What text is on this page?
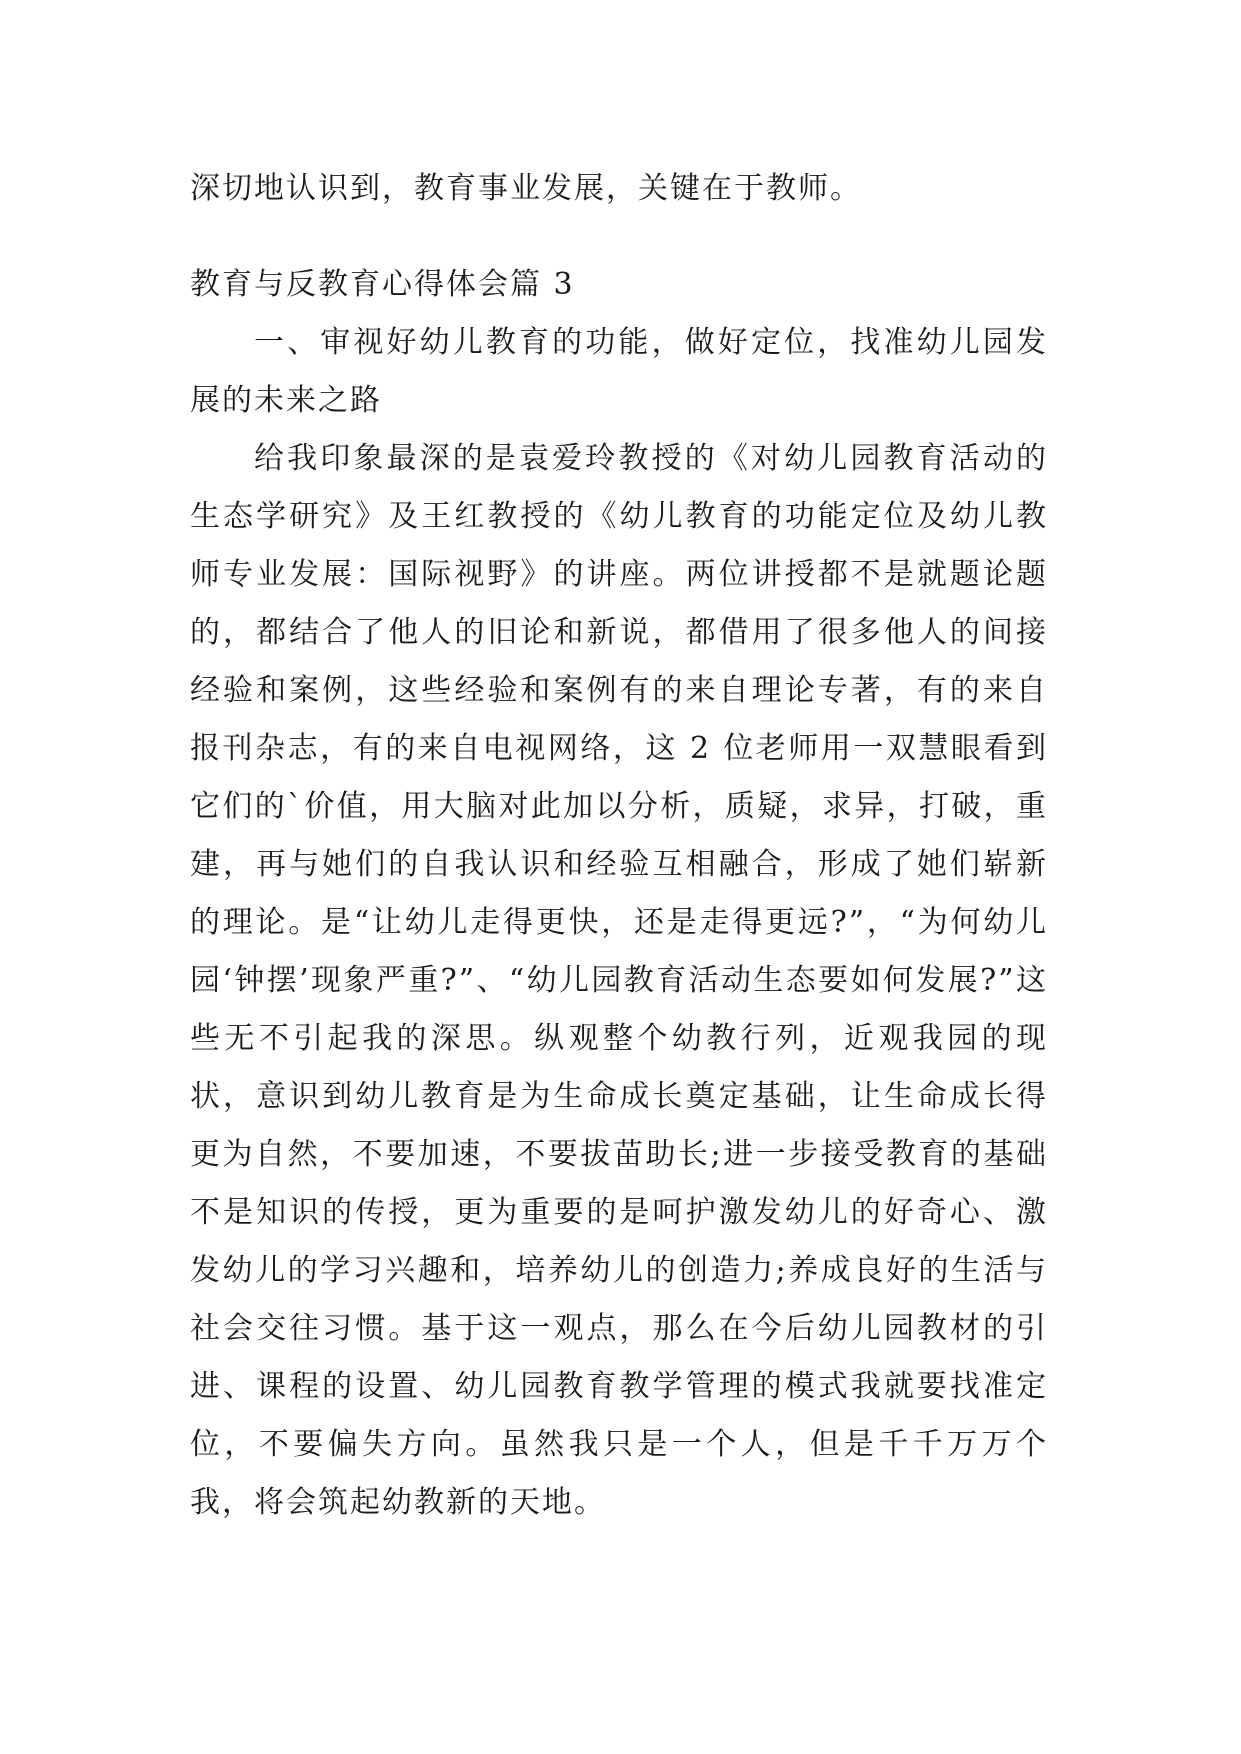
深切地认识到，教育事业发展，关键在于教师。

教育与反教育心得体会篇 3

一、审视好幼儿教育的功能，做好定位，找准幼儿园发展的未来之路

给我印象最深的是袁爱玲教授的《对幼儿园教育活动的生态学研究》及王红教授的《幼儿教育的功能定位及幼儿教师专业发展：国际视野》的讲座。两位讲授都不是就题论题的，都结合了他人的旧论和新说，都借用了很多他人的间接经验和案例，这些经验和案例有的来自理论专著，有的来自报刊杂志，有的来自电视网络，这 2 位老师用一双慧眼看到它们的`价值，用大脑对此加以分析，质疑，求异，打破，重建，再与她们的自我认识和经验互相融合，形成了她们崭新的理论。是“让幼儿走得更快，还是走得更远?”，“为何幼儿园‘钟摆’现象严重?”、“幼儿园教育活动生态要如何发展?”这些无不引起我的深思。纵观整个幼教行列，近观我园的现状，意识到幼儿教育是为生命成长奠定基础，让生命成长得更为自然，不要加速，不要拔苗助长;进一步接受教育的基础不是知识的传授，更为重要的是呵护激发幼儿的好奇心、激发幼儿的学习兴趣和，培养幼儿的创造力;养成良好的生活与社会交往习惯。基于这一观点，那么在今后幼儿园教材的引进、课程的设置、幼儿园教育教学管理的模式我就要找准定位，不要偏失方向。虽然我只是一个人，但是千千万万个我，将会筑起幼教新的天地。
